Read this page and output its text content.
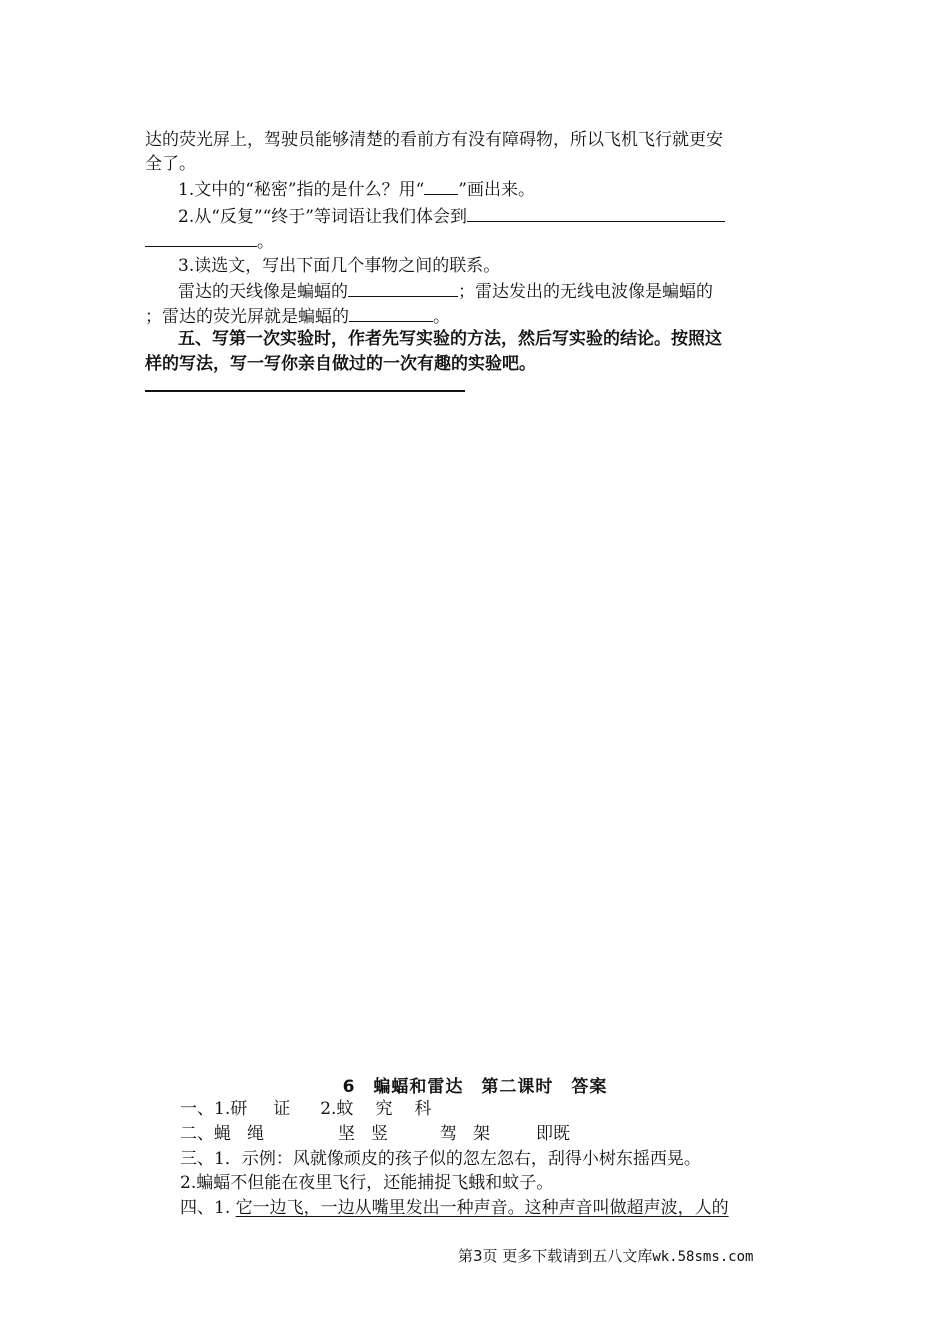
达的荧光屏上，驾驶员能够清楚的看前方有没有障碍物，所以飞机飞行就更安
全了。
1.文中的“秘密”指的是什么？用“ ”画出来。
2.从“反复”“终于”等词语让我们体会到
。
3.读选文，写出下面几个事物之间的联系。
雷达的天线像是蝙蝠的	；雷达发出的无线电波像是蝙蝠的
；雷达的荧光屏就是蝙蝠的	。
五、写第一次实验时，作者先写实验的方法，然后写实验的结论。按照这
样的写法，写一写你亲自做过的一次有趣的实验吧。
6　蝙蝠和雷达　第二课时　答案
一、1.研 证 2.蚊 究 科
二、蝇 绳	坚 竖	驾 架	即既
三、1．示例：风就像顽皮的孩子似的忽左忽右，刮得小树东摇西晃。
2.蝙蝠不但能在夜里飞行，还能捕捉飞蛾和蚊子。
四、1. 它一边飞，一边从嘴里发出一种声音。这种声音叫做超声波，人的
第3页 更多下载请到五八文库wk.58sms.com
